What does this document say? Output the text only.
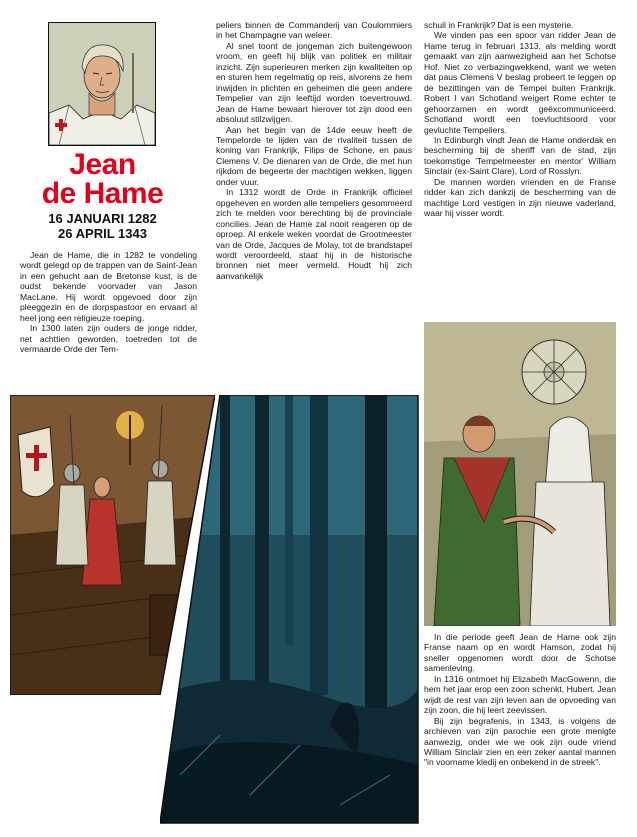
Jean
de Hame
16 JANUARI 1282
26 APRIL 1343

Jean de Hame, die in 1282 te vondeling wordt gelegd op de trappen van de Saint-Jean in een gehucht aan de Bretonse kust, is de oudst bekende voorvader van Jason MacLane. Hij wordt opgevoed door zijn pleeggezin en de dorpspastoor en ervaart al heel jong een religieuze roeping.

In 1300 laten zijn ouders de jonge ridder, net achttien geworden, toetreden tot de vermaarde Orde der Tem-

peliers binnen de Commanderij van Coulommiers in het Champagne van weleer.

Al snel toont de jongeman zich buitengewoon vroom, en geeft hij blijk van politiek en militair inzicht. Zijn superieuren merken zijn kwaliteiten op en sturen hem regelmatig op reis, alvorens ze hem inwijden in plichten en geheimen die geen andere Tempelier van zijn leeftijd worden toevertrouwd. Jean de Hame bewaart hierover tot zijn dood een absoluut stilzwijgen.

Aan het begin van de 14de eeuw heeft de Tempelorde te lijden van de rivaliteit tussen de koning van Frankrijk, Filips de Schone, en paus Clemens V. De dienaren van de Orde, die met hun rijkdom de begeerte der machtigen wekken, liggen onder vuur.

In 1312 wordt de Orde in Frankrijk officieel opgeheven en worden alle tempeliers gesommeerd zich te melden voor berechting bij de provinciale concilies. Jean de Hame zal nooit reageren op de oproep. Al enkele weken voordat de Grootmeester van de Orde, Jacques de Molay, tot de brandstapel wordt veroordeeld, staat hij in de historische bronnen niet meer vermeld. Houdt hij zich aanvankelijk

schuil in Frankrijk? Dat is een mysterie.

We vinden pas een spoor van ridder Jean de Hame terug in februari 1313, als melding wordt gemaakt van zijn aanwezigheid aan het Schotse Hof. Niet zo verbazingwekkend, want we weten dat paus Clemens V beslag probeert te leggen op de bezittingen van de Tempel buiten Frankrijk. Robert I van Schotland weigert Rome echter te gehoorzamen en wordt geëxcommuniceerd. Schotland wordt een toevluchtsoord voor gevluchte Tempeliers.

In Edinburgh vindt Jean de Hame onderdak en bescherming bij de sheriff van de stad, zijn toekomstige 'Tempelmeester en mentor' William Sinclair (ex-Saint Clare), Lord of Rosslyn.

De mannen worden vrienden en de Franse ridder kan zich dankzij de bescherming van de machtige Lord vestigen in zijn nieuwe vaderland, waar hij visser wordt.

In die periode geeft Jean de Hame ook zijn Franse naam op en wordt Hamson, zodat hij sneller opgenomen wordt door de Schotse samenleving.

In 1316 ontmoet hij Elizabeth MacGowenn, die hem het jaar erop een zoon schenkt, Hubert. Jean wijdt de rest van zijn leven aan de opvoeding van zijn zoon, die hij leert zeevissen.

Bij zijn begrafenis, in 1343, is volgens de archieven van zijn parochie een grote menigte aanwezig, onder wie we ook zijn oude vriend William Sinclair zien en een zeker aantal mannen "in voorname kledij en onbekend in de streek".
